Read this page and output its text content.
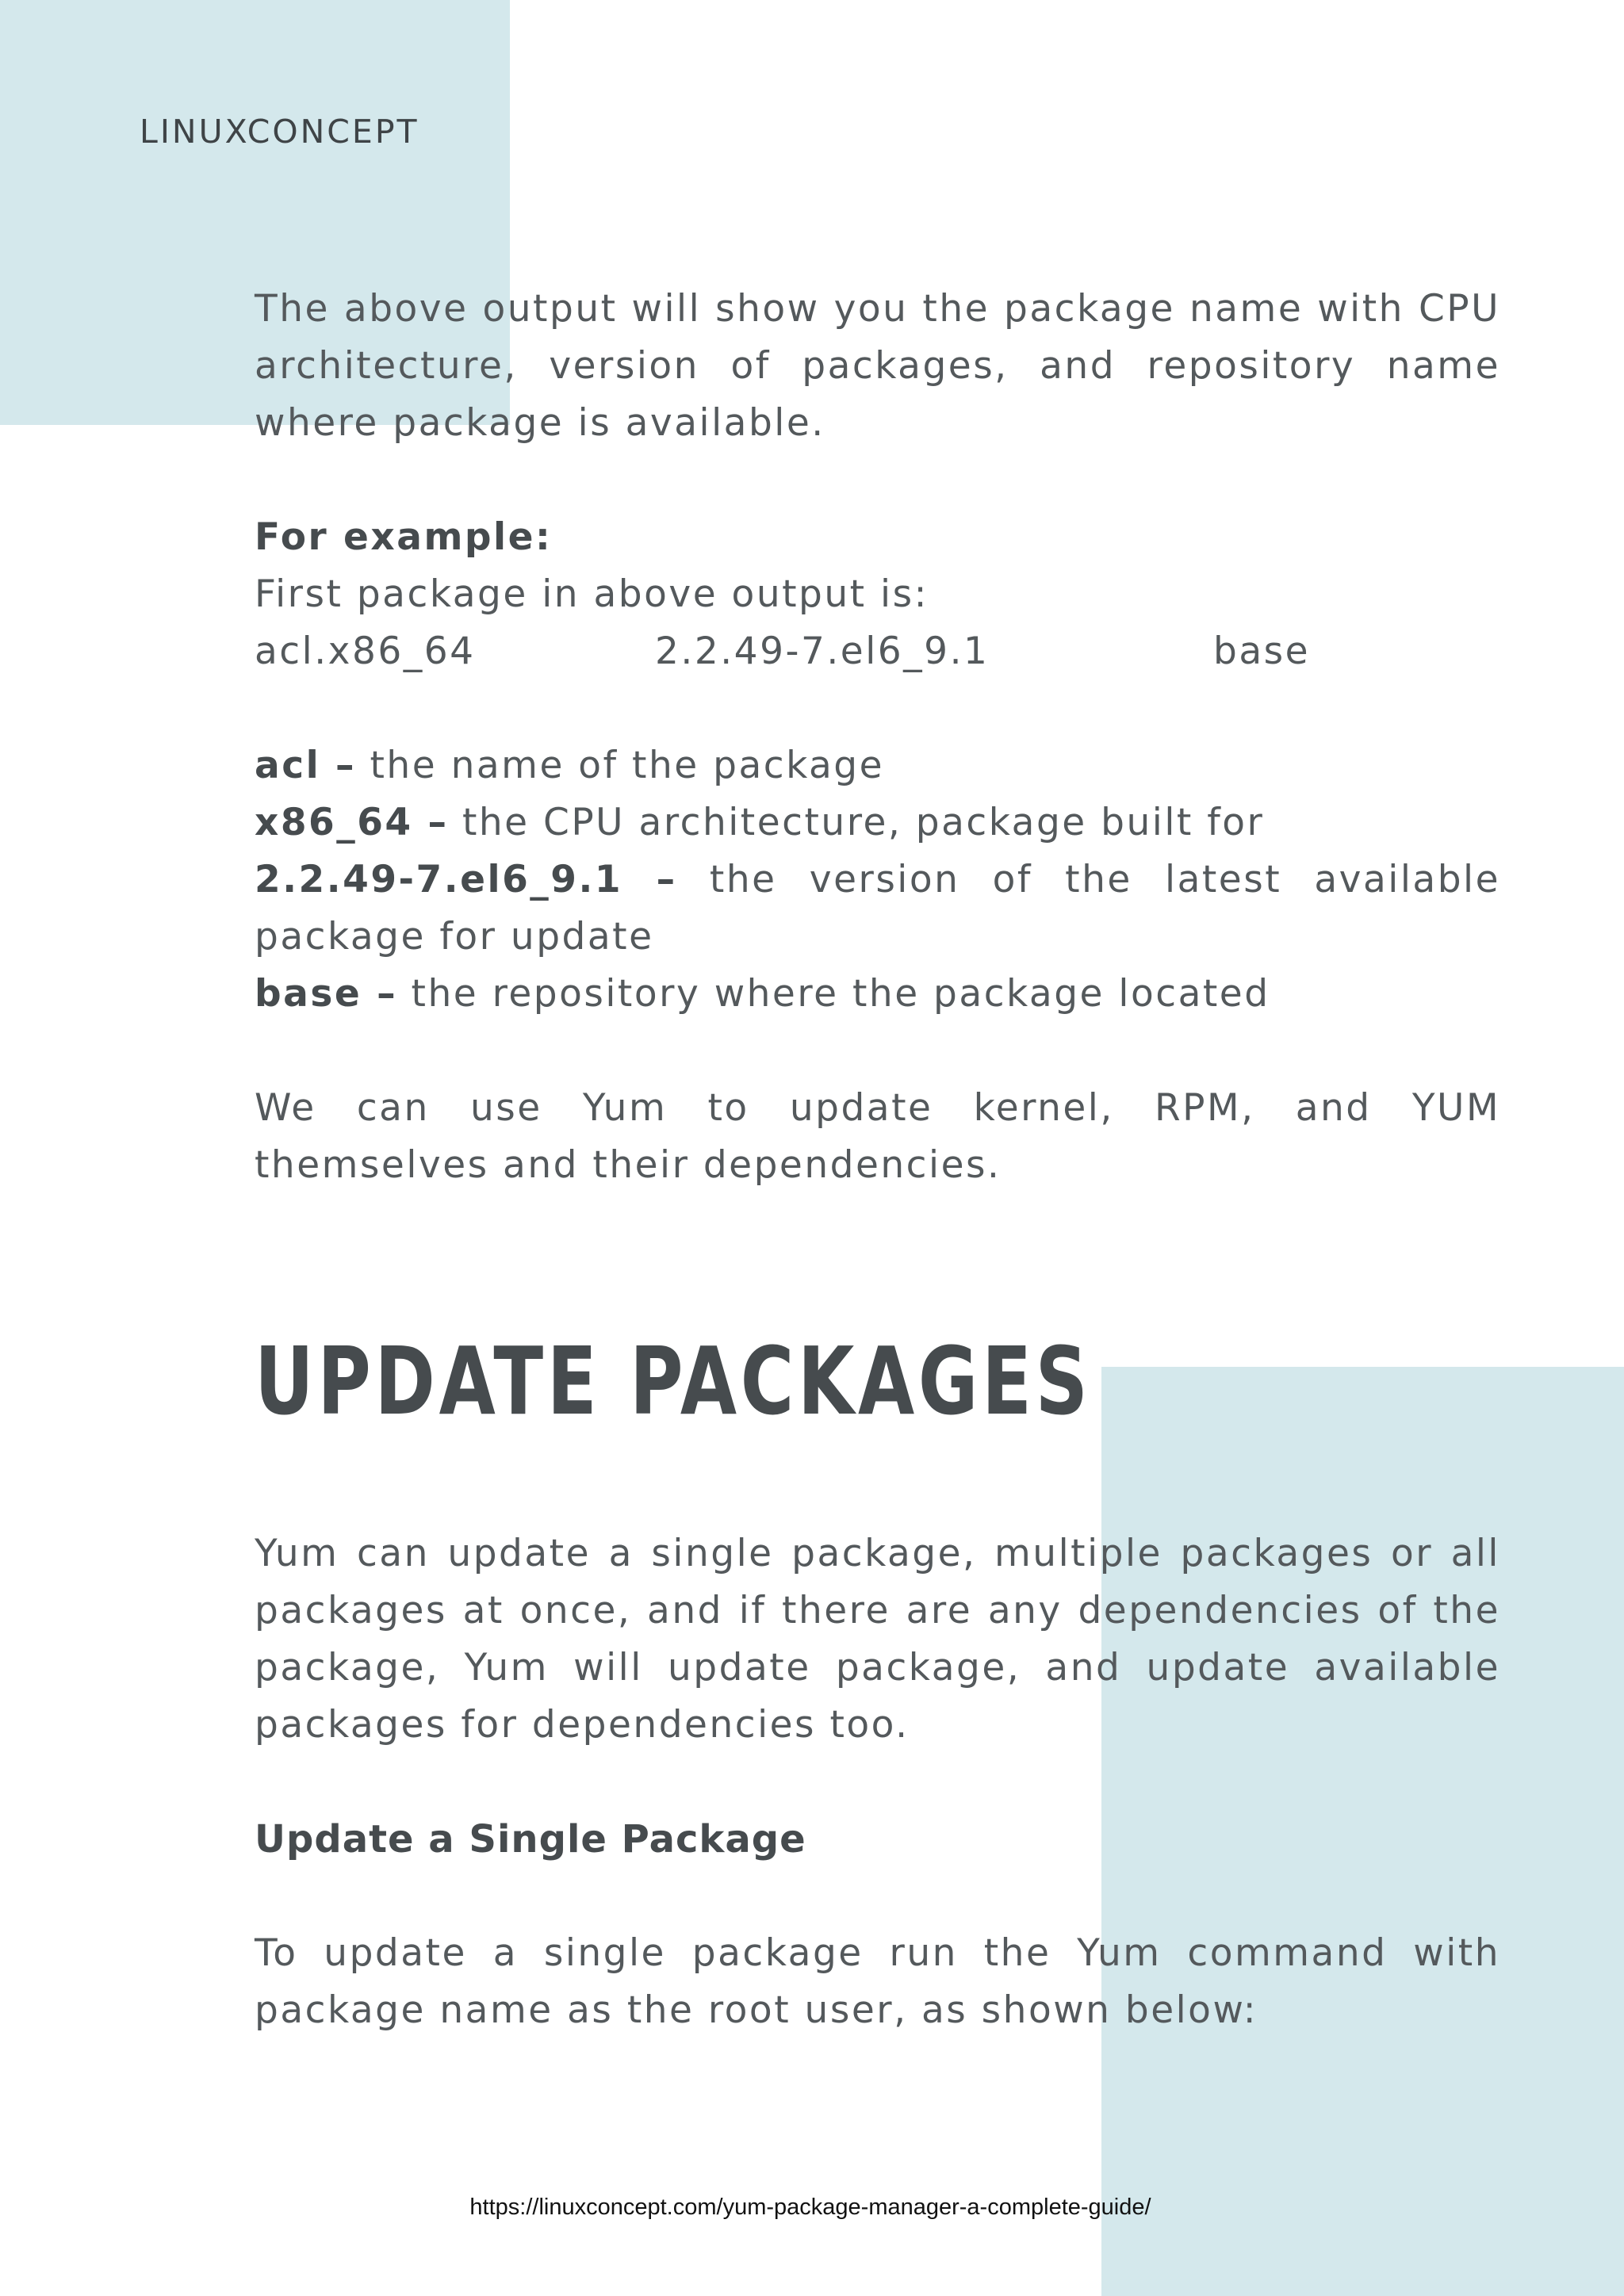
LINUXCONCEPT

The above output will show you the package name with CPU architecture, version of packages, and repository name where package is available.

For example:

First package in above output is:

acl.x86_64	2.2.49-7.el6_9.1	base

acl – the name of the package

x86_64 – the CPU architecture, package built for

2.2.49-7.el6_9.1 – the version of the latest available package for update

base – the repository where the package located

We can use Yum to update kernel, RPM, and YUM themselves and their dependencies.

UPDATE PACKAGES

Yum can update a single package, multiple packages or all packages at once, and if there are any dependencies of the package, Yum will update package, and update available packages for dependencies too.

Update a Single Package

To update a single package run the Yum command with package name as the root user, as shown below:

https://linuxconcept.com/yum-package-manager-a-complete-guide/
